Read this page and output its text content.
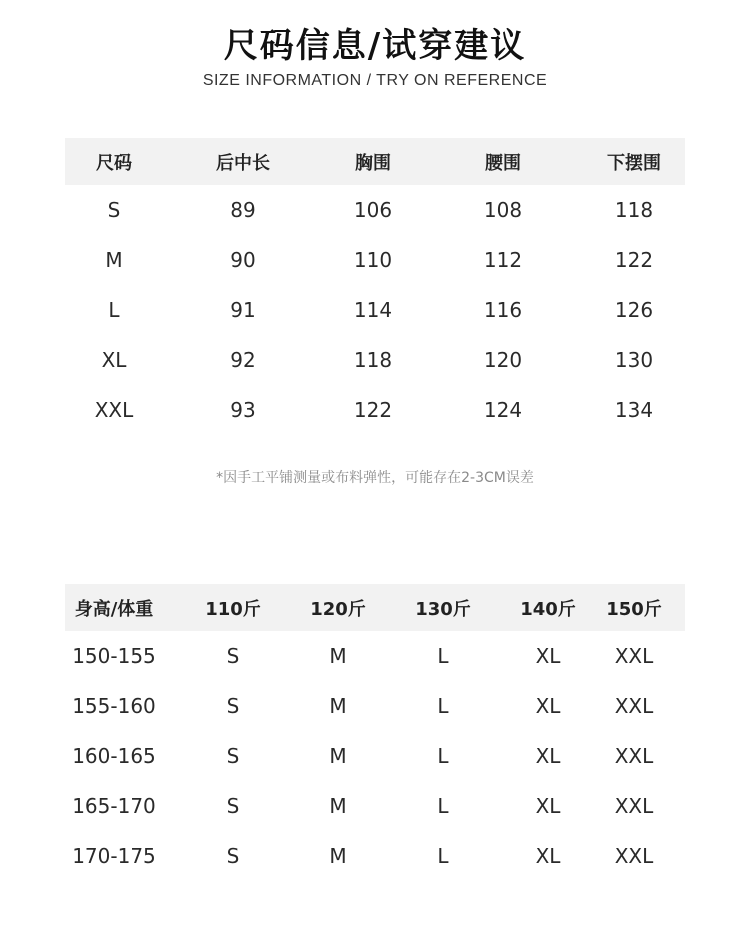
尺码信息/试穿建议
SIZE INFORMATION / TRY ON REFERENCE
尺码	后中长	胸围	腰围	下摆围
S	89	106	108	118
M	90	110	112	122
L	91	114	116	126
XL	92	118	120	130
XXL	93	122	124	134
*因手工平铺测量或布料弹性，可能存在2-3CM误差
身高/体重	110斤	120斤	130斤	140斤	150斤
150-155	S	M	L	XL	XXL
155-160	S	M	L	XL	XXL
160-165	S	M	L	XL	XXL
165-170	S	M	L	XL	XXL
170-175	S	M	L	XL	XXL
